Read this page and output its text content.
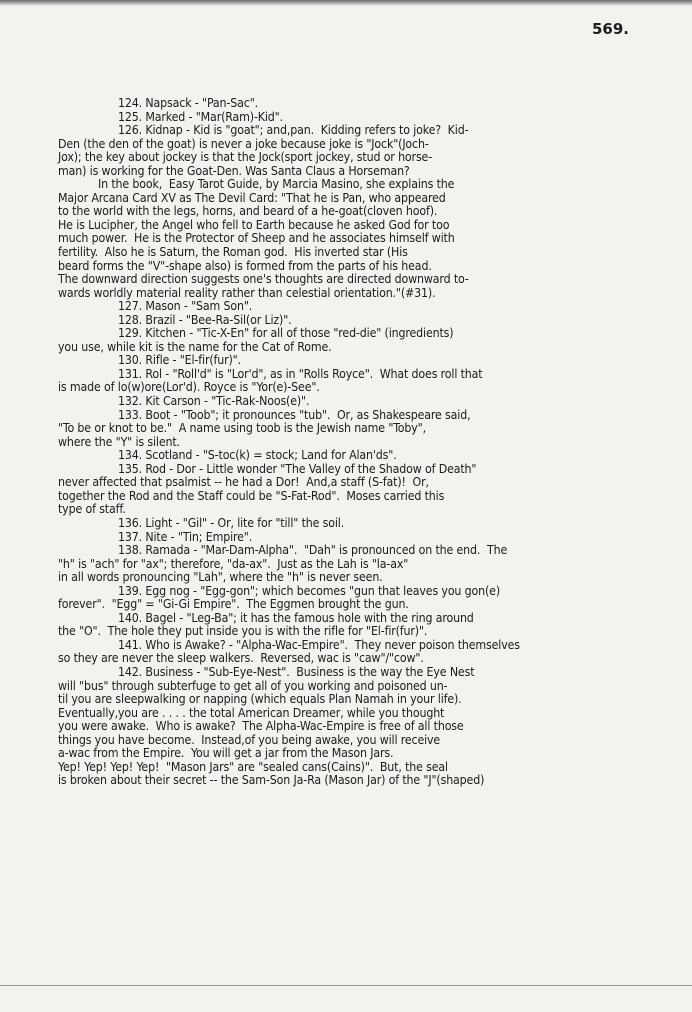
569.
124. Napsack - "Pan-Sac".
125. Marked - "Mar(Ram)-Kid".
126. Kidnap - Kid is "goat"; and,pan.  Kidding refers to joke?  Kid-
Den (the den of the goat) is never a joke because joke is "Jock"(Joch-
Jox); the key about jockey is that the Jock(sport jockey, stud or horse-
man) is working for the Goat-Den. Was Santa Claus a Horseman?
In the book,  Easy Tarot Guide, by Marcia Masino, she explains the
Major Arcana Card XV as The Devil Card: "That he is Pan, who appeared
to the world with the legs, horns, and beard of a he-goat(cloven hoof).
He is Lucipher, the Angel who fell to Earth because he asked God for too
much power.  He is the Protector of Sheep and he associates himself with
fertility.  Also he is Saturn, the Roman god.  His inverted star (His
beard forms the "V"-shape also) is formed from the parts of his head.
The downward direction suggests one's thoughts are directed downward to-
wards worldly material reality rather than celestial orientation."(#31).
127. Mason - "Sam Son".
128. Brazil - "Bee-Ra-Sil(or Liz)".
129. Kitchen - "Tic-X-En" for all of those "red-die" (ingredients)
you use, while kit is the name for the Cat of Rome.
130. Rifle - "El-fir(fur)".
131. Rol - "Roll'd" is "Lor'd", as in "Rolls Royce".  What does roll that
is made of lo(w)ore(Lor'd). Royce is "Yor(e)-See".
132. Kit Carson - "Tic-Rak-Noos(e)".
133. Boot - "Toob"; it pronounces "tub".  Or, as Shakespeare said,
"To be or knot to be."  A name using toob is the Jewish name "Toby",
where the "Y" is silent.
134. Scotland - "S-toc(k) = stock; Land for Alan'ds".
135. Rod - Dor - Little wonder "The Valley of the Shadow of Death"
never affected that psalmist -- he had a Dor!  And,a staff (S-fat)!  Or,
together the Rod and the Staff could be "S-Fat-Rod".  Moses carried this
type of staff.
136. Light - "Gil" - Or, lite for "till" the soil.
137. Nite - "Tin; Empire".
138. Ramada - "Mar-Dam-Alpha".  "Dah" is pronounced on the end.  The
"h" is "ach" for "ax"; therefore, "da-ax".  Just as the Lah is "la-ax"
in all words pronouncing "Lah", where the "h" is never seen.
139. Egg nog - "Egg-gon"; which becomes "gun that leaves you gon(e)
forever".  "Egg" = "Gi-Gi Empire".  The Eggmen brought the gun.
140. Bagel - "Leg-Ba"; it has the famous hole with the ring around
the "O".  The hole they put inside you is with the rifle for "El-fir(fur)".
141. Who is Awake? - "Alpha-Wac-Empire".  They never poison themselves
so they are never the sleep walkers.  Reversed, wac is "caw"/"cow".
142. Business - "Sub-Eye-Nest".  Business is the way the Eye Nest
will "bus" through subterfuge to get all of you working and poisoned un-
til you are sleepwalking or napping (which equals Plan Namah in your life).
Eventually,you are . . . . the total American Dreamer, while you thought
you were awake.  Who is awake?  The Alpha-Wac-Empire is free of all those
things you have become.  Instead,of you being awake, you will receive
a-wac from the Empire.  You will get a jar from the Mason Jars.
Yep! Yep! Yep! Yep!  "Mason Jars" are "sealed cans(Cains)".  But, the seal
is broken about their secret -- the Sam-Son Ja-Ra (Mason Jar) of the "J"(shaped)
